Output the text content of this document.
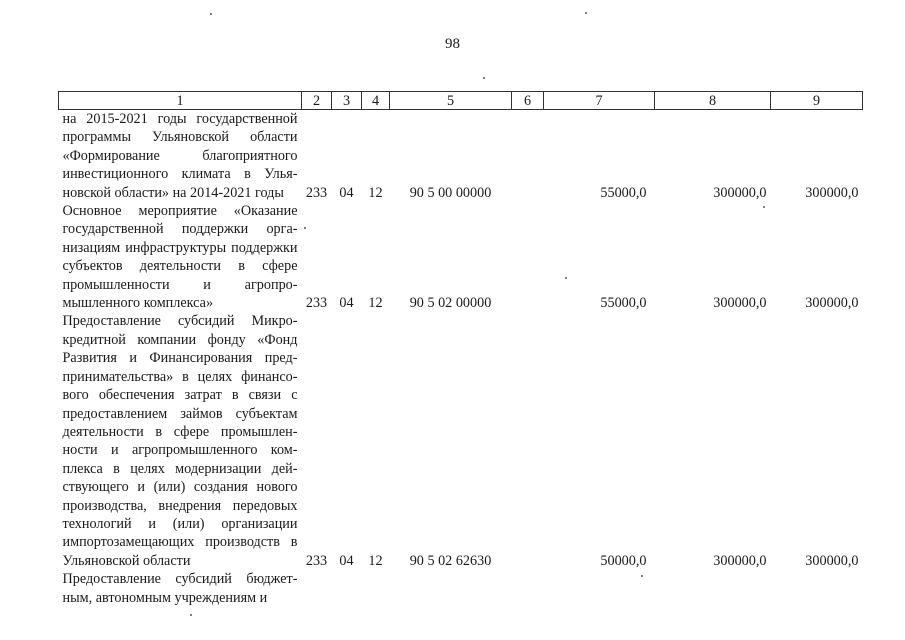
98
1	2	3	4	5	6	7	8	9
на 2015-2021 годы государственной программы Ульяновской области «Формирование благоприятного инвестиционного климата в Ульяновской области» на 2014-2021 годы	233	04	12	90 5 00 00000		55000,0	300000,0	300000,0
Основное мероприятие «Оказание государственной поддержки организациям инфраструктуры поддержки субъектов деятельности в сфере промышленности и агропромышленного комплекса»	233	04	12	90 5 02 00000		55000,0	300000,0	300000,0
Предоставление субсидий Микрокредитной компании фонду «Фонд Развития и Финансирования предпринимательства» в целях финансового обеспечения затрат в связи с предоставлением займов субъектам деятельности в сфере промышленности и агропромышленного комплекса в целях модернизации действующего и (или) создания нового производства, внедрения передовых технологий и (или) организации импортозамещающих производств в Ульяновской области	233	04	12	90 5 02 62630		50000,0	300000,0	300000,0
Предоставление субсидий бюджетным, автономным учреждениям и								
